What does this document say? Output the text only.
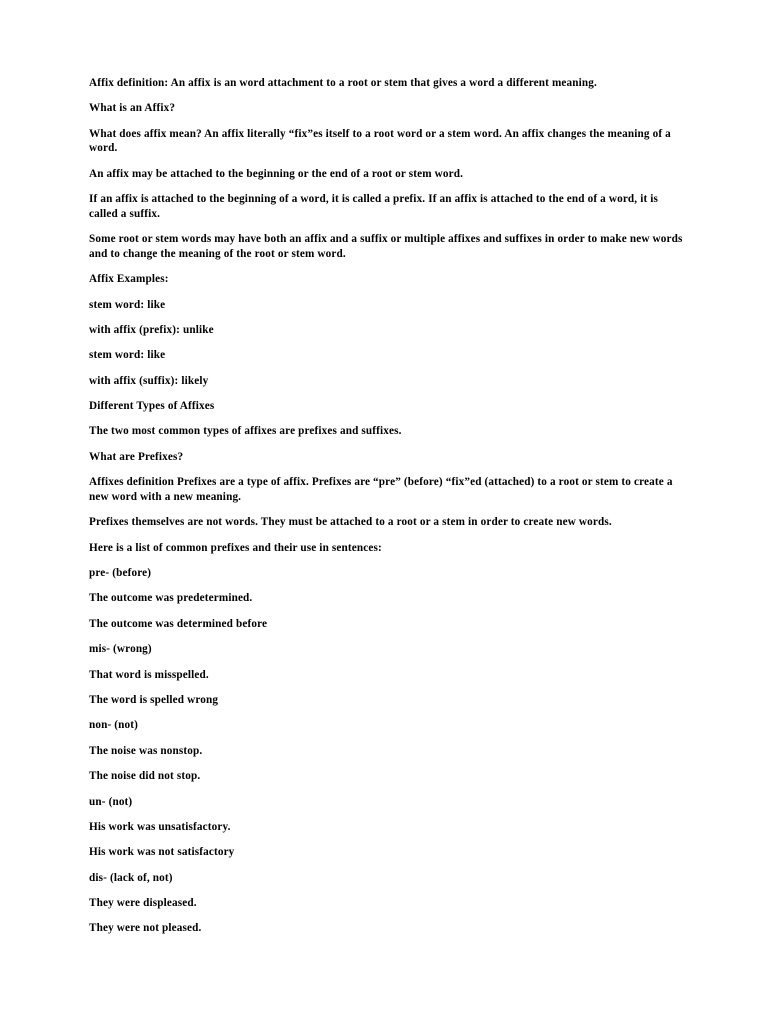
Affix definition: An affix is an word attachment to a root or stem that gives a word a different meaning.

What is an Affix?

What does affix mean? An affix literally “fix”es itself to a root word or a stem word. An affix changes the meaning of a word.

An affix may be attached to the beginning or the end of a root or stem word.

If an affix is attached to the beginning of a word, it is called a prefix. If an affix is attached to the end of a word, it is called a suffix.

Some root or stem words may have both an affix and a suffix or multiple affixes and suffixes in order to make new words and to change the meaning of the root or stem word.

Affix Examples:

stem word: like

with affix (prefix): unlike

stem word: like

with affix (suffix): likely

Different Types of Affixes

The two most common types of affixes are prefixes and suffixes.

What are Prefixes?

Affixes definition Prefixes are a type of affix. Prefixes are “pre” (before) “fix”ed (attached) to a root or stem to create a new word with a new meaning.

Prefixes themselves are not words. They must be attached to a root or a stem in order to create new words.

Here is a list of common prefixes and their use in sentences:

pre- (before)

The outcome was predetermined.

The outcome was determined before

mis- (wrong)

That word is misspelled.

The word is spelled wrong

non- (not)

The noise was nonstop.

The noise did not stop.

un- (not)

His work was unsatisfactory.

His work was not satisfactory

dis- (lack of, not)

They were displeased.

They were not pleased.
